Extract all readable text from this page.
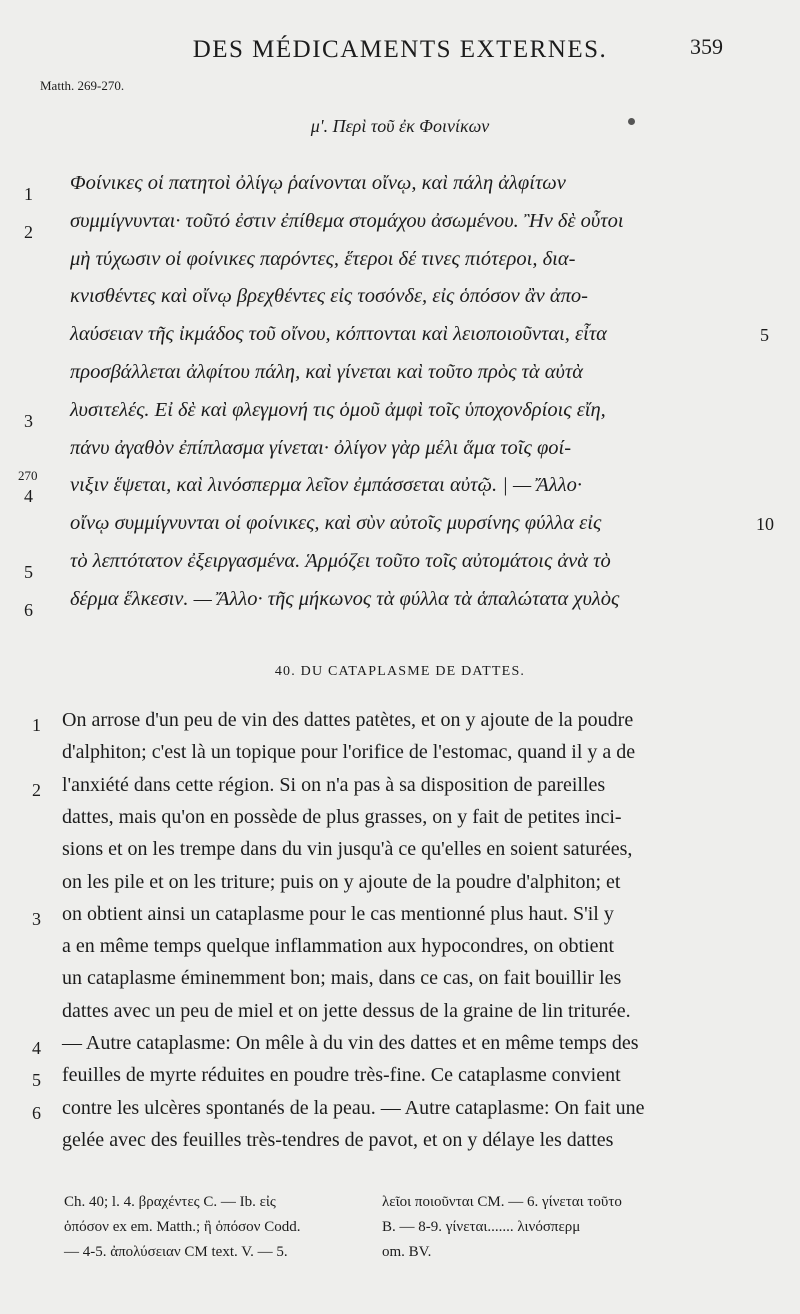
DES MÉDICAMENTS EXTERNES.	359
Matth. 269-270.
μ'. Περὶ τοῦ ἐκ Φοινίκων
Φοίνικες οἱ πατητοὶ ὀλίγῳ ῥαίνονται οἴνῳ, καὶ πάλη ἀλφίτων
συμμίγνυνται· τοῦτό ἐστιν ἐπίθεμα στομάχου ἀσωμένου. Ἢν δὲ οὗτοι
μὴ τύχωσιν οἱ φοίνικες παρόντες, ἕτεροι δέ τινες πιότεροι, δια-
κνισθέντες καὶ οἴνῳ βρεχθέντες εἰς τοσόνδε, εἰς ὁπόσον ἂν ἀπο-
λαύσειαν τῆς ἰκμάδος τοῦ οἴνου, κόπτονται καὶ λειοποιοῦνται, εἶτα
προσβάλλεται ἀλφίτου πάλη, καὶ γίνεται καὶ τοῦτο πρὸς τὰ αὐτὰ
λυσιτελές. Εἰ δὲ καὶ φλεγμονή τις ὁμοῦ ἀμφὶ τοῖς ὑποχονδρίοις εἴη,
πάνυ ἀγαθὸν ἐπίπλασμα γίνεται· ὀλίγον γὰρ μέλι ἅμα τοῖς φοί-
νιξιν ἕψεται, καὶ λινόσπερμα λεῖον ἐμπάσσεται αὐτῷ. | — Ἄλλο·
οἴνῳ συμμίγνυνται οἱ φοίνικες, καὶ σὺν αὐτοῖς μυρσίνης φύλλα εἰς
τὸ λεπτότατον ἐξειργασμένα. Ἁρμόζει τοῦτο τοῖς αὐτομάτοις ἀνὰ τὸ
δέρμα ἕλκεσιν. — Ἄλλο· τῆς μήκωνος τὰ φύλλα τὰ ἁπαλώτατα χυλὸς
1
2
3
4
5
6
5
10
270
40. DU CATAPLASME DE DATTES.
On arrose d'un peu de vin des dattes patètes, et on y ajoute de la poudre
d'alphiton; c'est là un topique pour l'orifice de l'estomac, quand il y a de
l'anxiété dans cette région. Si on n'a pas à sa disposition de pareilles
dattes, mais qu'on en possède de plus grasses, on y fait de petites inci-
sions et on les trempe dans du vin jusqu'à ce qu'elles en soient saturées,
on les pile et on les triture; puis on y ajoute de la poudre d'alphiton; et
on obtient ainsi un cataplasme pour le cas mentionné plus haut. S'il y
a en même temps quelque inflammation aux hypocondres, on obtient
un cataplasme éminemment bon; mais, dans ce cas, on fait bouillir les
dattes avec un peu de miel et on jette dessus de la graine de lin triturée.
— Autre cataplasme: On mêle à du vin des dattes et en même temps des
feuilles de myrte réduites en poudre très-fine. Ce cataplasme convient
contre les ulcères spontanés de la peau. — Autre cataplasme: On fait une
gelée avec des feuilles très-tendres de pavot, et on y délaye les dattes
1
2
3
4
5
6
Ch. 40; l. 4. βραχέντες C. — Ib. εἰς
ὁπόσον ex em. Matth.; ἢ ὁπόσον Codd.
— 4-5. ἀπολύσειαν CM text. V. — 5.
λεῖοι ποιοῦνται CM. — 6. γίνεται τοῦτο
B. — 8-9. γίνεται....... λινόσπερμ
om. BV.
